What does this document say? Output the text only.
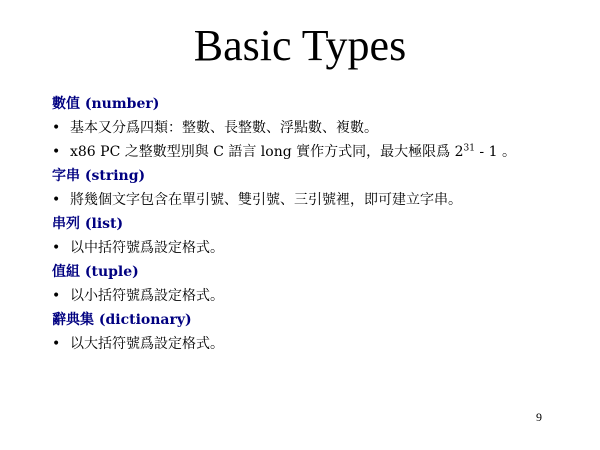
Basic Types
數值 (number)
• 基本又分爲四類：整數、長整數、浮點數、複數。
• x86 PC 之整數型別與 C 語言 long 實作方式同，最大極限爲 $2^{31} - 1$ 。
字串 (string)
• 將幾個文字包含在單引號、雙引號、三引號裡，即可建立字串。
串列 (list)
• 以中括符號爲設定格式。
值組 (tuple)
• 以小括符號爲設定格式。
辭典集 (dictionary)
• 以大括符號爲設定格式。
9
